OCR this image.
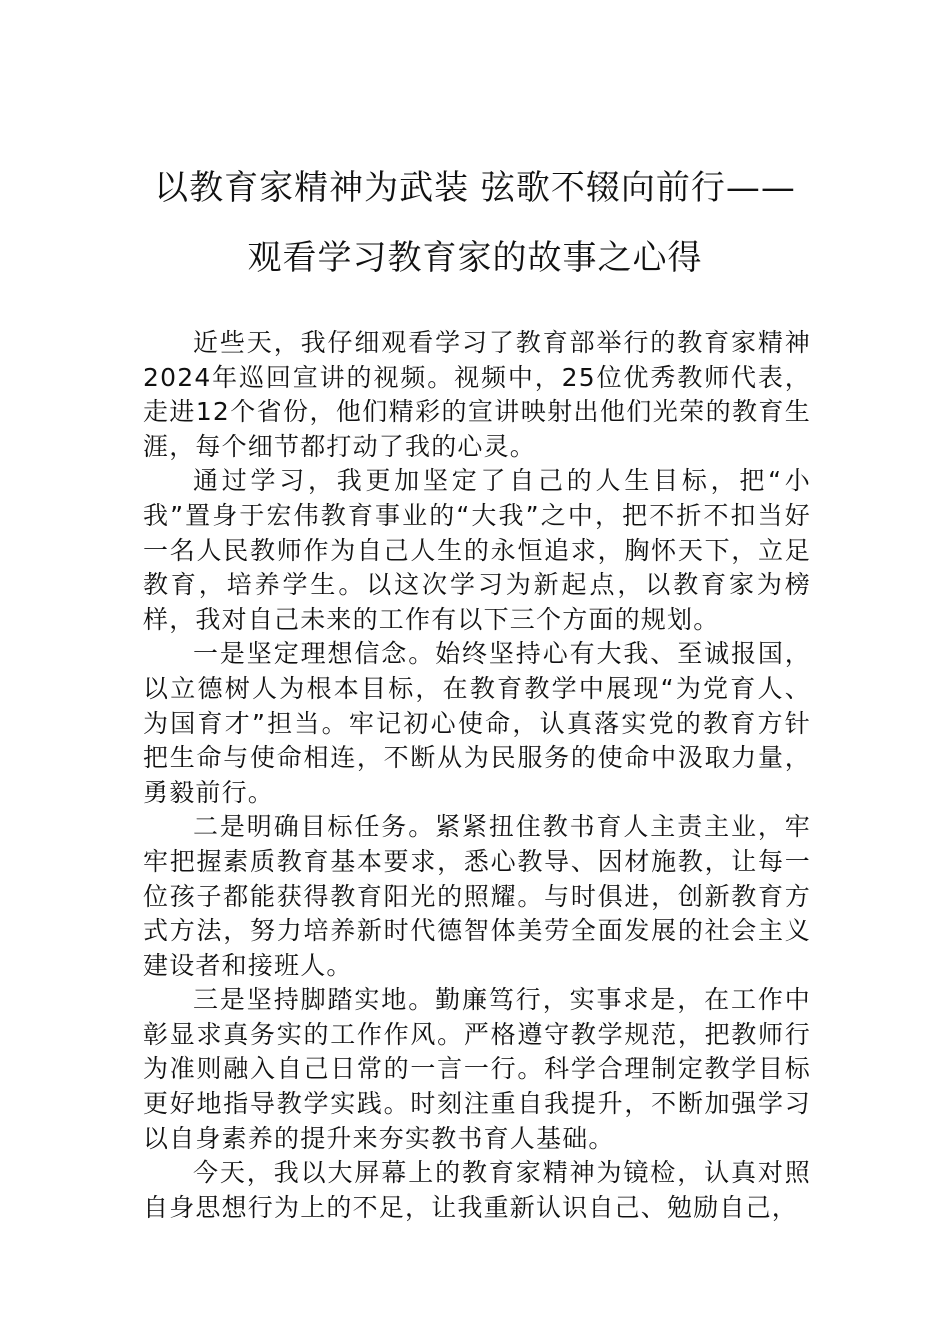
以教育家精神为武装 弦歌不辍向前行——
观看学习教育家的故事之心得

近些天，我仔细观看学习了教育部举行的教育家精神2024年巡回宣讲的视频。视频中，25位优秀教师代表，走进12个省份，他们精彩的宣讲映射出他们光荣的教育生涯，每个细节都打动了我的心灵。

通过学习，我更加坚定了自己的人生目标，把“小我”置身于宏伟教育事业的“大我”之中，把不折不扣当好一名人民教师作为自己人生的永恒追求，胸怀天下，立足教育，培养学生。以这次学习为新起点，以教育家为榜样，我对自己未来的工作有以下三个方面的规划。

一是坚定理想信念。始终坚持心有大我、至诚报国，以立德树人为根本目标，在教育教学中展现“为党育人、为国育才”担当。牢记初心使命，认真落实党的教育方针把生命与使命相连，不断从为民服务的使命中汲取力量，勇毅前行。

二是明确目标任务。紧紧扭住教书育人主责主业，牢牢把握素质教育基本要求，悉心教导、因材施教，让每一位孩子都能获得教育阳光的照耀。与时俱进，创新教育方式方法，努力培养新时代德智体美劳全面发展的社会主义建设者和接班人。

三是坚持脚踏实地。勤廉笃行，实事求是，在工作中彰显求真务实的工作作风。严格遵守教学规范，把教师行为准则融入自己日常的一言一行。科学合理制定教学目标更好地指导教学实践。时刻注重自我提升，不断加强学习以自身素养的提升来夯实教书育人基础。

今天，我以大屏幕上的教育家精神为镜检，认真对照自身思想行为上的不足，让我重新认识自己、勉励自己，
